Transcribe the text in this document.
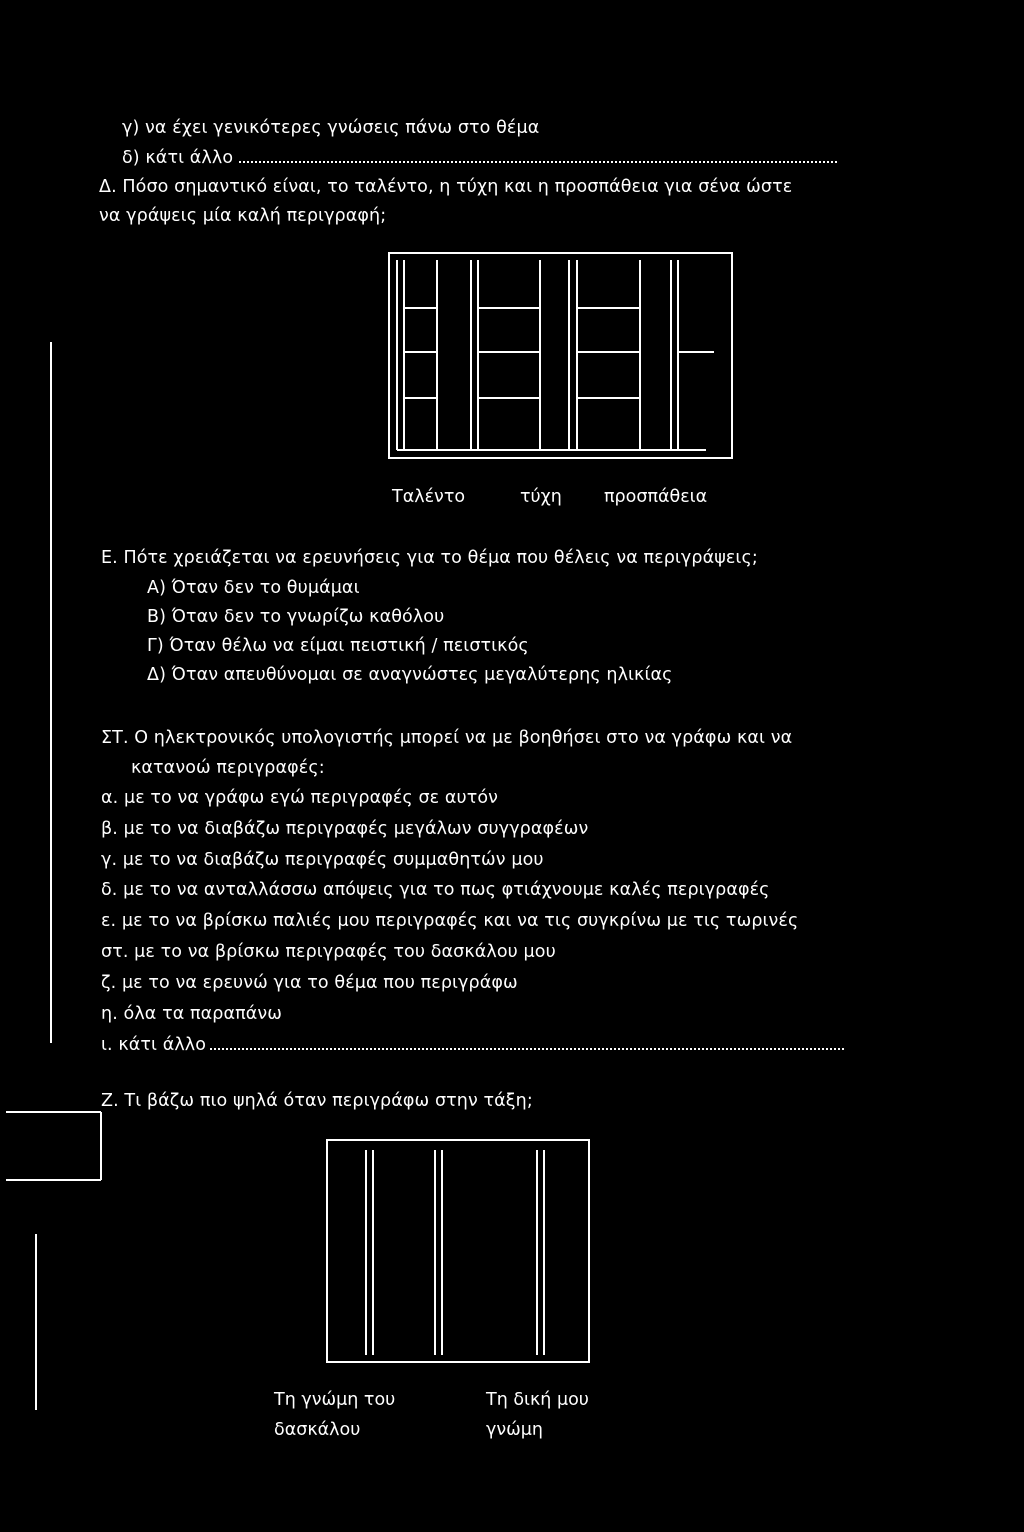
γ) να έχει γενικότερες γνώσεις πάνω στο θέμα

δ) κάτι άλλο

Δ. Πόσο σημαντικό είναι, το ταλέντο, η τύχη και η προσπάθεια για σένα ώστε

να γράψεις μία καλή περιγραφή;

Ταλέντο	τύχη προσπάθεια

Ε. Πότε χρειάζεται να ερευνήσεις για το θέμα που θέλεις να περιγράψεις;

Α) Όταν δεν το θυμάμαι

Β) Όταν δεν το γνωρίζω καθόλου

Γ) Όταν θέλω να είμαι πειστική / πειστικός

Δ) Όταν απευθύνομαι σε αναγνώστες μεγαλύτερης ηλικίας

ΣΤ. Ο ηλεκτρονικός υπολογιστής μπορεί να με βοηθήσει στο να γράφω και να

κατανοώ περιγραφές:

α. με το να γράφω εγώ περιγραφές σε αυτόν

β. με το να διαβάζω περιγραφές μεγάλων συγγραφέων

γ. με το να διαβάζω περιγραφές συμμαθητών μου

δ. με το να ανταλλάσσω απόψεις για το πως φτιάχνουμε καλές περιγραφές

ε. με το να βρίσκω παλιές μου περιγραφές και να τις συγκρίνω με τις τωρινές

στ. με το να βρίσκω περιγραφές του δασκάλου μου

ζ. με το να ερευνώ για το θέμα που περιγράφω

η. όλα τα παραπάνω

ι. κάτι άλλο

Ζ. Τι βάζω πιο ψηλά όταν περιγράφω στην τάξη;

Τη γνώμη του
δασκάλου
Τη δική μου
γνώμη
